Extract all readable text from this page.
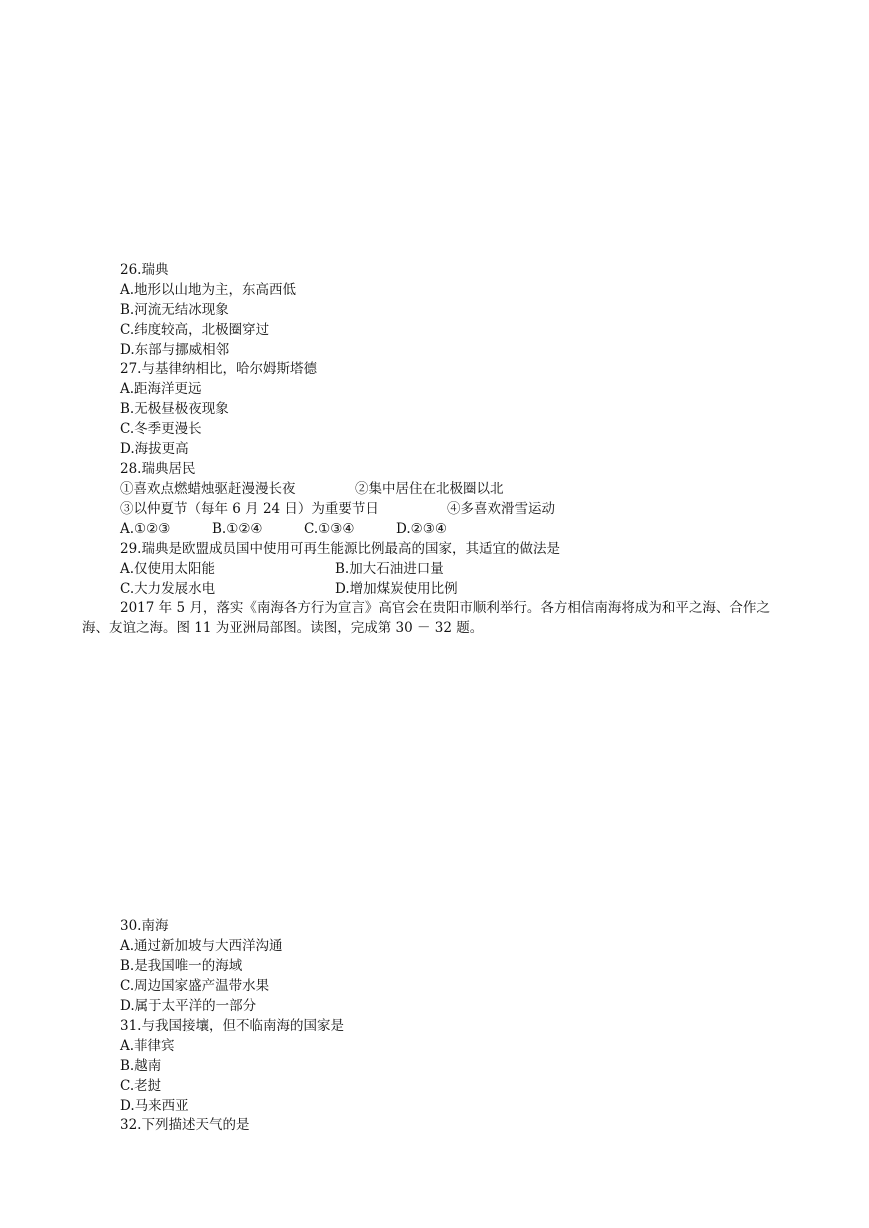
26.瑞典
A.地形以山地为主，东高西低
B.河流无结冰现象
C.纬度较高，北极圈穿过
D.东部与挪威相邻
27.与基律纳相比，哈尔姆斯塔德
A.距海洋更远
B.无极昼极夜现象
C.冬季更漫长
D.海拔更高
28.瑞典居民
①喜欢点燃蜡烛驱赶漫漫长夜	②集中居住在北极圈以北
③以仲夏节（每年 6 月 24 日）为重要节日	④多喜欢滑雪运动
A.①②③	B.①②④	C.①③④	D.②③④
29.瑞典是欧盟成员国中使用可再生能源比例最高的国家，其适宜的做法是
A.仅使用太阳能	B.加大石油进口量
C.大力发展水电	D.增加煤炭使用比例
2017 年 5 月，落实《南海各方行为宣言》高官会在贵阳市顺利举行。各方相信南海将成为和平之海、合作之海、友谊之海。图 11 为亚洲局部图。读图，完成第 30 － 32 题。
30.南海
A.通过新加坡与大西洋沟通
B.是我国唯一的海域
C.周边国家盛产温带水果
D.属于太平洋的一部分
31.与我国接壤，但不临南海的国家是
A.菲律宾
B.越南
C.老挝
D.马来西亚
32.下列描述天气的是
